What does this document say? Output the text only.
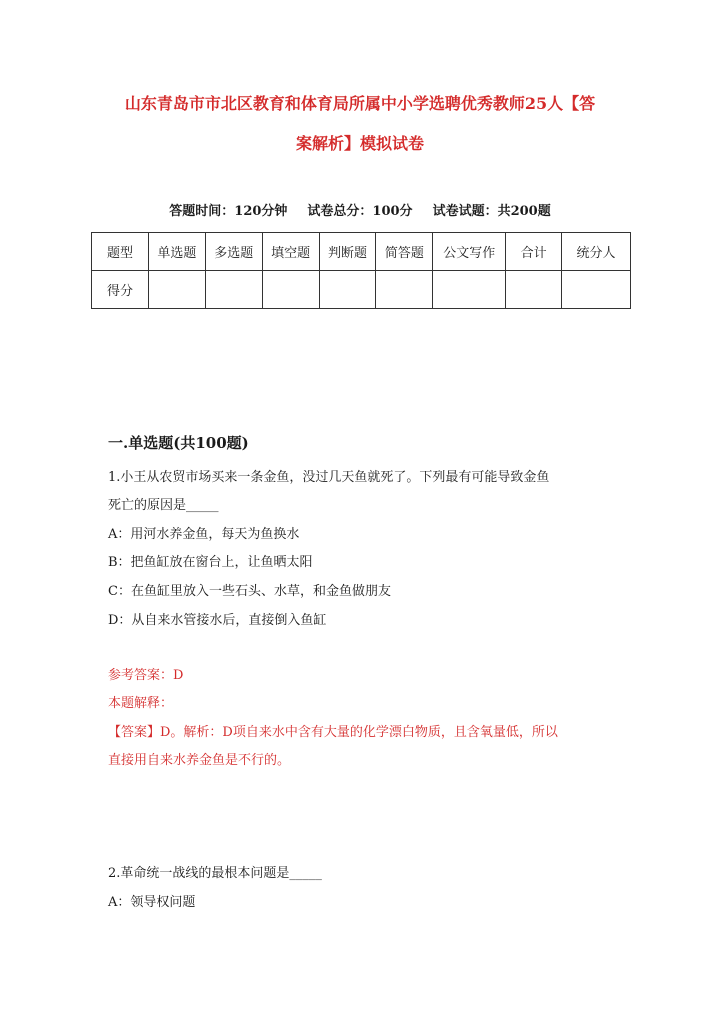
山东青岛市市北区教育和体育局所属中小学选聘优秀教师25人【答
案解析】模拟试卷
答题时间：120分钟 试卷总分：100分 试卷试题：共200题
题型	单选题	多选题	填空题	判断题	简答题	公文写作	合计	统分人
得分								
一.单选题(共100题)
1.小王从农贸市场买来一条金鱼，没过几天鱼就死了。下列最有可能导致金鱼
死亡的原因是_____
A：用河水养金鱼，每天为鱼换水
B：把鱼缸放在窗台上，让鱼晒太阳
C：在鱼缸里放入一些石头、水草，和金鱼做朋友
D：从自来水管接水后，直接倒入鱼缸
参考答案：D
本题解释：
【答案】D。解析：D项自来水中含有大量的化学漂白物质，且含氧量低，所以
直接用自来水养金鱼是不行的。
2.革命统一战线的最根本问题是_____
A：领导权问题
